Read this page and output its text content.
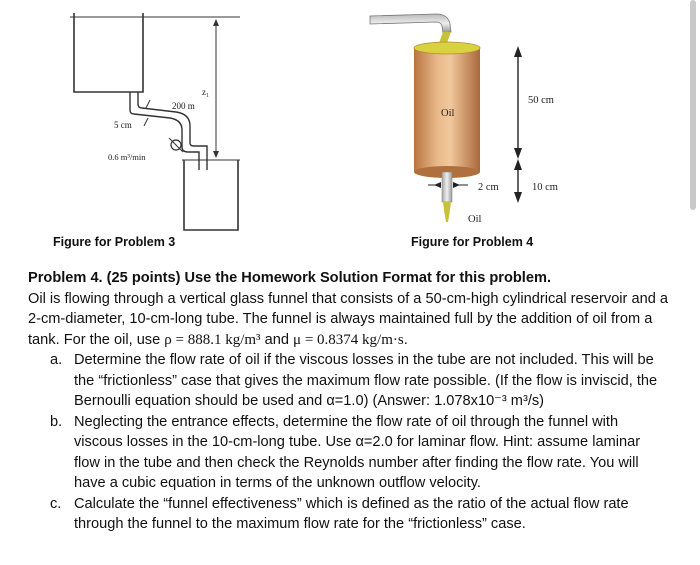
z₁
200 m
5 cm
0.6 m³/min
Oil
50 cm
2 cm	10 cm
Oil
Figure for Problem 3	Figure for Problem 4

Problem 4. (25 points) Use the Homework Solution Format for this problem.

Oil is flowing through a vertical glass funnel that consists of a 50-cm-high cylindrical reservoir and a 2-cm-diameter, 10-cm-long tube. The funnel is always maintained full by the addition of oil from a tank. For the oil, use ρ = 888.1 kg/m³ and μ = 0.8374 kg/m·s.

a. Determine the flow rate of oil if the viscous losses in the tube are not included. This will be the “frictionless” case that gives the maximum flow rate possible. (If the flow is inviscid, the Bernoulli equation should be used and α=1.0) (Answer: 1.078x10⁻³ m³/s)
b. Neglecting the entrance effects, determine the flow rate of oil through the funnel with viscous losses in the 10-cm-long tube. Use α=2.0 for laminar flow. Hint: assume laminar flow in the tube and then check the Reynolds number after finding the flow rate. You will have a cubic equation in terms of the unknown outflow velocity.
c. Calculate the “funnel effectiveness” which is defined as the ratio of the actual flow rate through the funnel to the maximum flow rate for the “frictionless” case.
